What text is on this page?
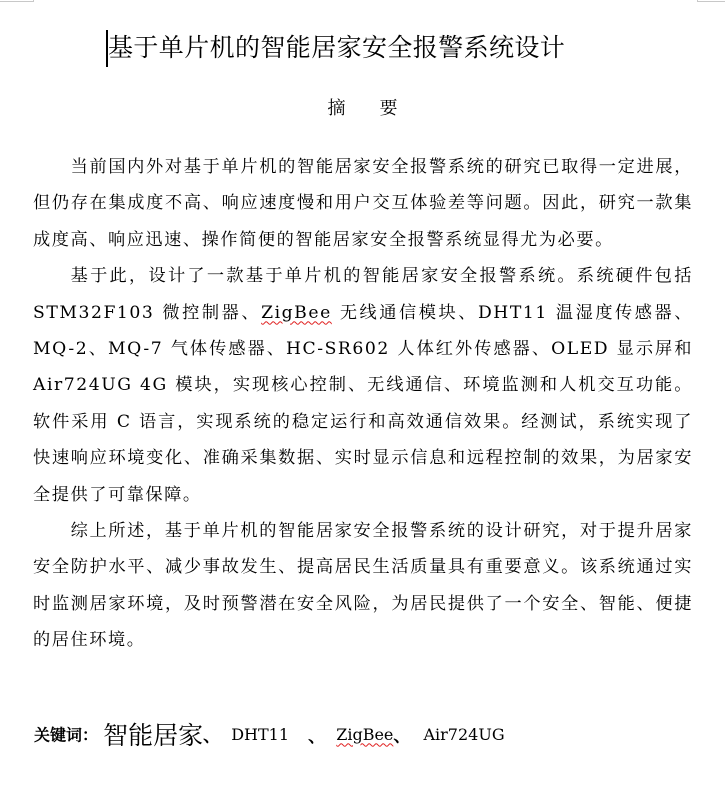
基于单片机的智能居家安全报警系统设计
摘 要

当前国内外对基于单片机的智能居家安全报警系统的研究已取得一定进展，但仍存在集成度不高、响应速度慢和用户交互体验差等问题。因此，研究一款集成度高、响应迅速、操作简便的智能居家安全报警系统显得尤为必要。

基于此，设计了一款基于单片机的智能居家安全报警系统。系统硬件包括STM32F103 微控制器、ZigBee 无线通信模块、DHT11 温湿度传感器、MQ-2、MQ-7 气体传感器、HC-SR602 人体红外传感器、OLED 显示屏和 Air724UG 4G 模块，实现核心控制、无线通信、环境监测和人机交互功能。软件采用 C 语言，实现系统的稳定运行和高效通信效果。经测试，系统实现了快速响应环境变化、准确采集数据、实时显示信息和远程控制的效果，为居家安全提供了可靠保障。

综上所述，基于单片机的智能居家安全报警系统的设计研究，对于提升居家安全防护水平、减少事故发生、提高居民生活质量具有重要意义。该系统通过实时监测居家环境，及时预警潜在安全风险，为居民提供了一个安全、智能、便捷的居住环境。

关键词： 智能居家、 DHT11 、 ZigBee、 Air724UG
